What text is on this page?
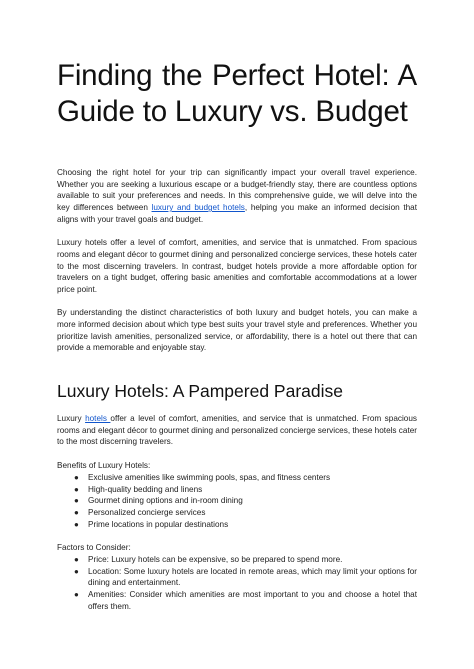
Finding the Perfect Hotel: A Guide to Luxury vs. Budget

Choosing the right hotel for your trip can significantly impact your overall travel experience. Whether you are seeking a luxurious escape or a budget-friendly stay, there are countless options available to suit your preferences and needs. In this comprehensive guide, we will delve into the key differences between luxury and budget hotels, helping you make an informed decision that aligns with your travel goals and budget.

Luxury hotels offer a level of comfort, amenities, and service that is unmatched. From spacious rooms and elegant décor to gourmet dining and personalized concierge services, these hotels cater to the most discerning travelers. In contrast, budget hotels provide a more affordable option for travelers on a tight budget, offering basic amenities and comfortable accommodations at a lower price point.

By understanding the distinct characteristics of both luxury and budget hotels, you can make a more informed decision about which type best suits your travel style and preferences. Whether you prioritize lavish amenities, personalized service, or affordability, there is a hotel out there that can provide a memorable and enjoyable stay.

Luxury Hotels: A Pampered Paradise

Luxury hotels offer a level of comfort, amenities, and service that is unmatched. From spacious rooms and elegant décor to gourmet dining and personalized concierge services, these hotels cater to the most discerning travelers.

Benefits of Luxury Hotels:

● Exclusive amenities like swimming pools, spas, and fitness centers
● High-quality bedding and linens
● Gourmet dining options and in-room dining
● Personalized concierge services
● Prime locations in popular destinations

Factors to Consider:

● Price: Luxury hotels can be expensive, so be prepared to spend more.
● Location: Some luxury hotels are located in remote areas, which may limit your options for dining and entertainment.
● Amenities: Consider which amenities are most important to you and choose a hotel that offers them.
